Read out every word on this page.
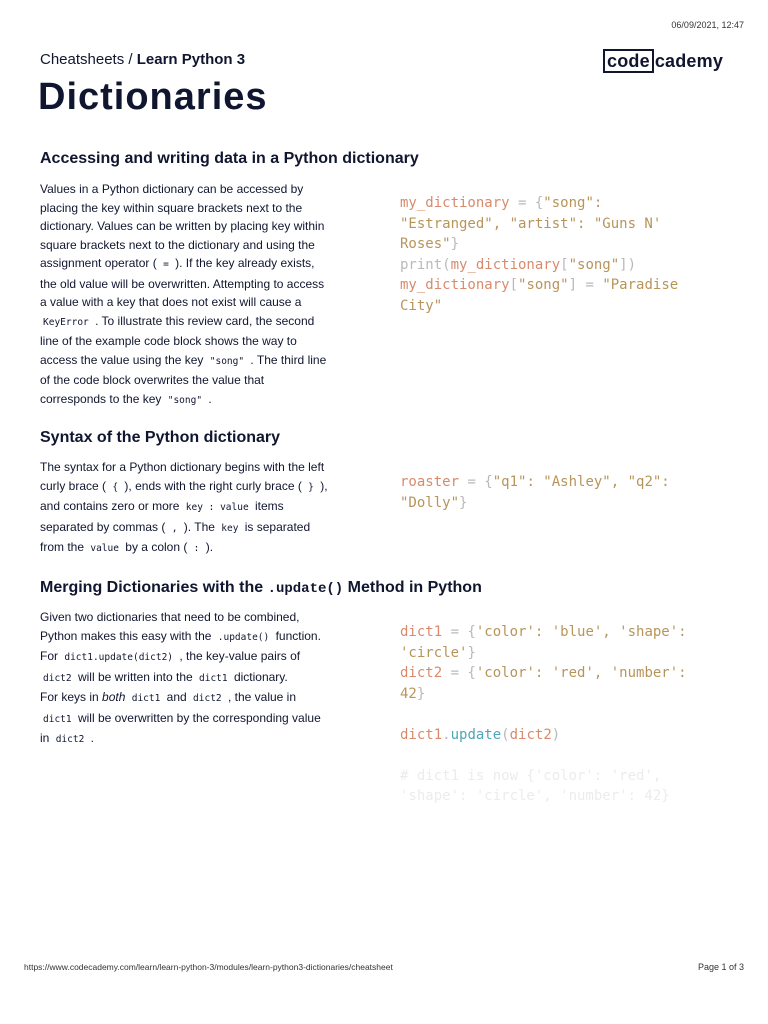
06/09/2021, 12:47
Cheatsheets / Learn Python 3	code cademy
Dictionaries
Accessing and writing data in a Python dictionary
Values in a Python dictionary can be accessed by placing the key within square brackets next to the dictionary. Values can be written by placing key within square brackets next to the dictionary and using the assignment operator ( = ). If the key already exists, the old value will be overwritten. Attempting to access a value with a key that does not exist will cause a KeyError . To illustrate this review card, the second line of the example code block shows the way to access the value using the key "song" . The third line of the code block overwrites the value that corresponds to the key "song" .
my_dictionary = {"song":
"Estranged", "artist": "Guns N'
Roses"}
print(my_dictionary["song"])
my_dictionary["song"] = "Paradise
City"
Syntax of the Python dictionary
The syntax for a Python dictionary begins with the left curly brace ( { ), ends with the right curly brace ( } ), and contains zero or more key : value items separated by commas ( , ). The key is separated from the value by a colon ( : ).
roaster = {"q1": "Ashley", "q2":
"Dolly"}
Merging Dictionaries with the .update() Method in Python
Given two dictionaries that need to be combined, Python makes this easy with the .update() function.
For dict1.update(dict2) , the key-value pairs of dict2 will be written into the dict1 dictionary.
For keys in both dict1 and dict2 , the value in dict1 will be overwritten by the corresponding value in dict2 .
dict1 = {'color': 'blue', 'shape':
'circle'}
dict2 = {'color': 'red', 'number':
42}

dict1.update(dict2)

# dict1 is now {'color': 'red',
'shape': 'circle', 'number': 42}
https://www.codecademy.com/learn/learn-python-3/modules/learn-python3-dictionaries/cheatsheet	Page 1 of 3
